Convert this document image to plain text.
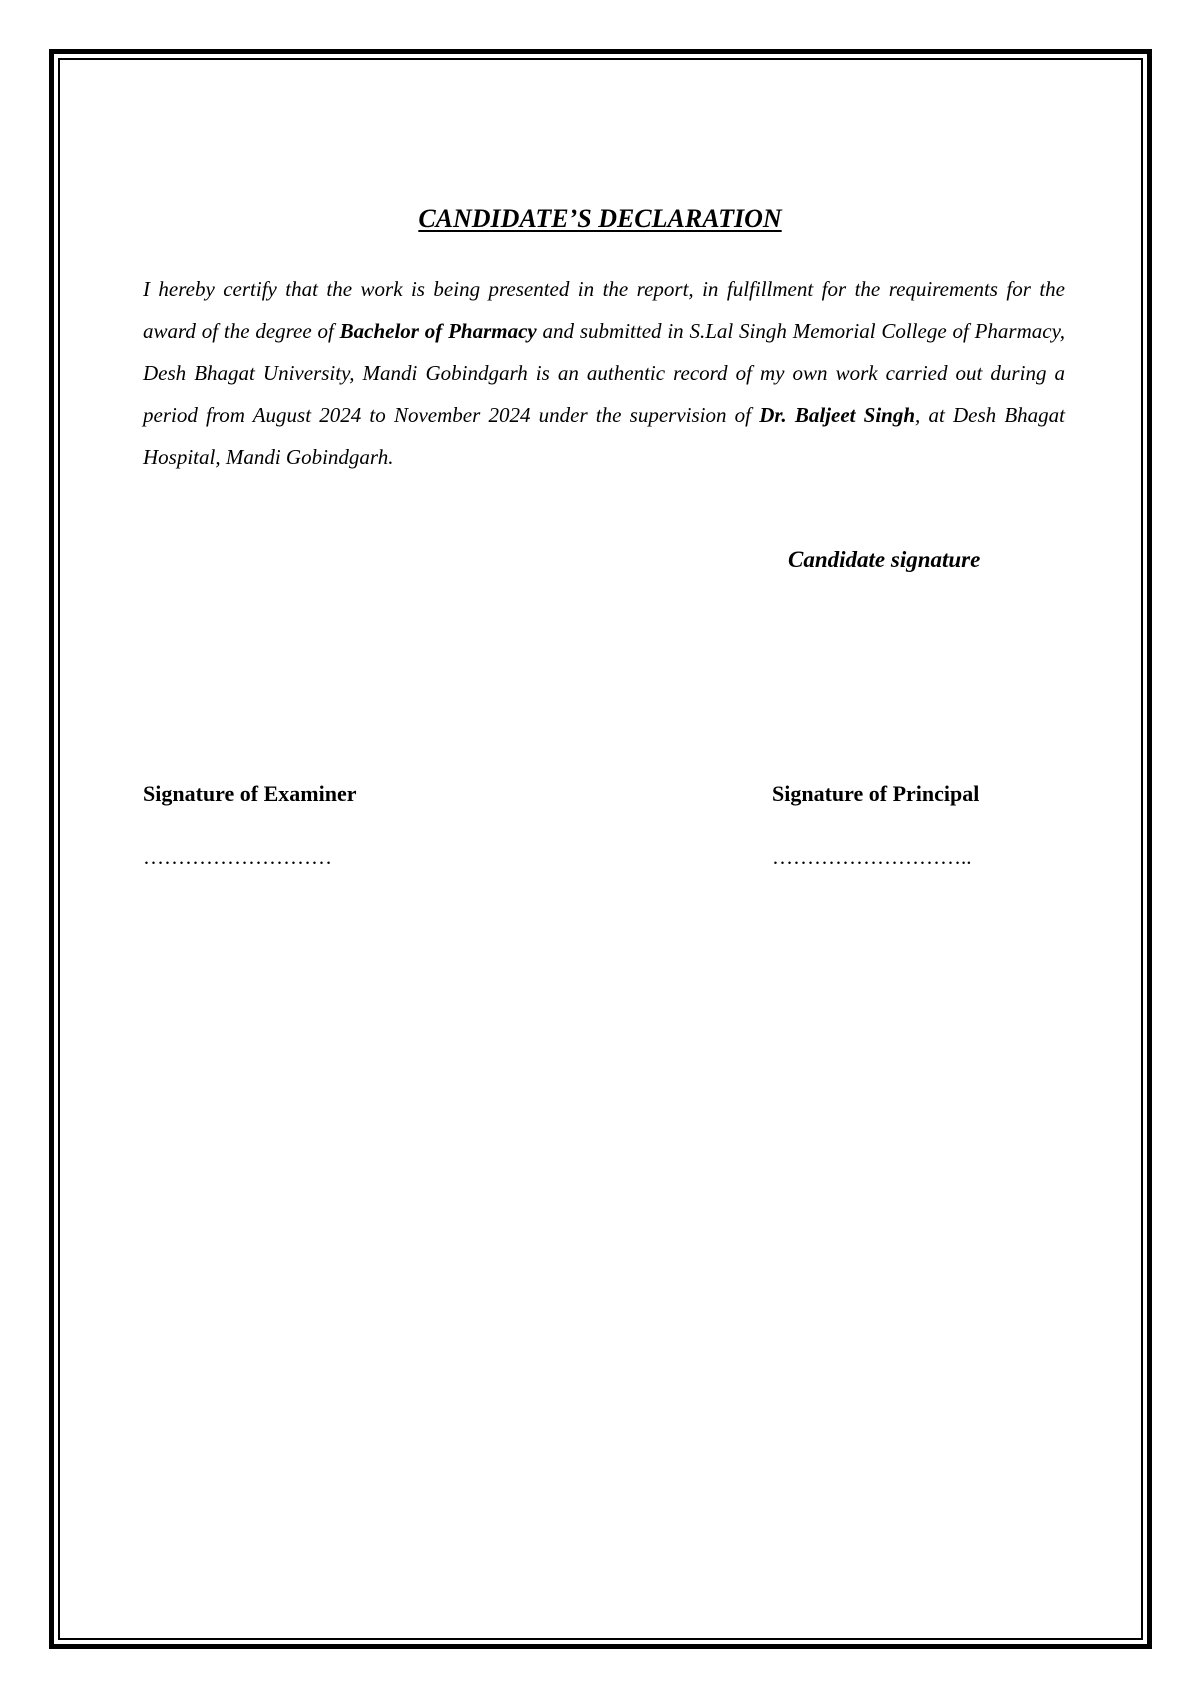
CANDIDATE’S DECLARATION

I hereby certify that the work is being presented in the report, in fulfillment for the requirements for the award of the degree of Bachelor of Pharmacy and submitted in S.Lal Singh Memorial College of Pharmacy, Desh Bhagat University, Mandi Gobindgarh is an authentic record of my own work carried out during a period from August 2024 to November 2024 under the supervision of Dr. Baljeet Singh, at Desh Bhagat Hospital, Mandi Gobindgarh.

Candidate signature

Signature of Examiner	Signature of Principal

………………………	………………………..
